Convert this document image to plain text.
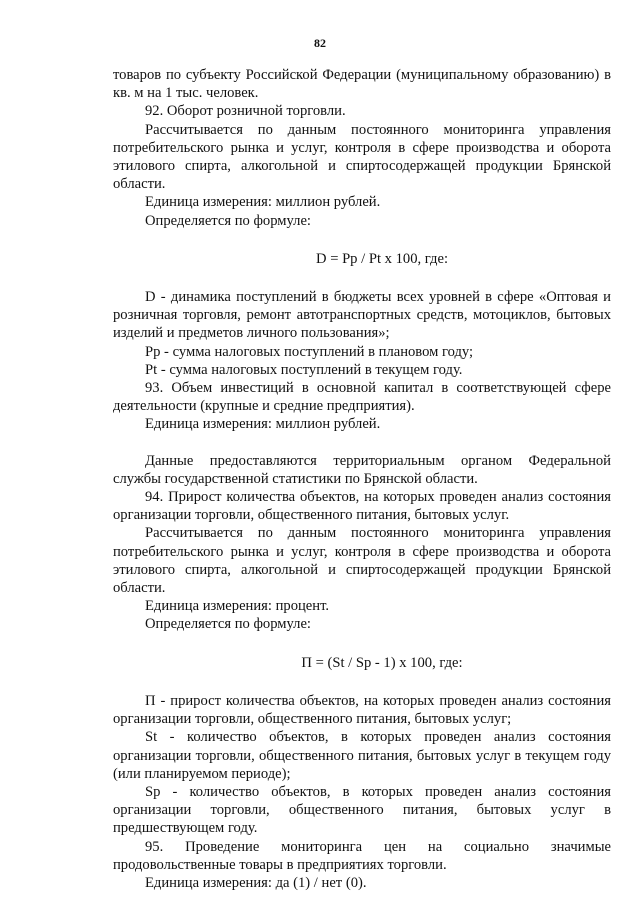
82

товаров по субъекту Российской Федерации (муниципальному образованию) в кв. м на 1 тыс. человек.

92. Оборот розничной торговли.

Рассчитывается по данным постоянного мониторинга управления потребительского рынка и услуг, контроля в сфере производства и оборота этилового спирта, алкогольной и спиртосодержащей продукции Брянской области.

Единица измерения: миллион рублей.

Определяется по формуле:

D = Pp / Pt x 100, где:

D - динамика поступлений в бюджеты всех уровней в сфере «Оптовая и розничная торговля, ремонт автотранспортных средств, мотоциклов, бытовых изделий и предметов личного пользования»;

Pp - сумма налоговых поступлений в плановом году;

Pt - сумма налоговых поступлений в текущем году.

93. Объем инвестиций в основной капитал в соответствующей сфере деятельности (крупные и средние предприятия).

Единица измерения: миллион рублей.

Данные предоставляются территориальным органом Федеральной службы государственной статистики по Брянской области.

94. Прирост количества объектов, на которых проведен анализ состояния организации торговли, общественного питания, бытовых услуг.

Рассчитывается по данным постоянного мониторинга управления потребительского рынка и услуг, контроля в сфере производства и оборота этилового спирта, алкогольной и спиртосодержащей продукции Брянской области.

Единица измерения: процент.

Определяется по формуле:

П = (St / Sp - 1) x 100, где:

П - прирост количества объектов, на которых проведен анализ состояния организации торговли, общественного питания, бытовых услуг;

St - количество объектов, в которых проведен анализ состояния организации торговли, общественного питания, бытовых услуг в текущем году (или планируемом периоде);

Sp - количество объектов, в которых проведен анализ состояния организации торговли, общественного питания, бытовых услуг в предшествующем году.

95. Проведение мониторинга цен на социально значимые продовольственные товары в предприятиях торговли.

Единица измерения: да (1) / нет (0).
